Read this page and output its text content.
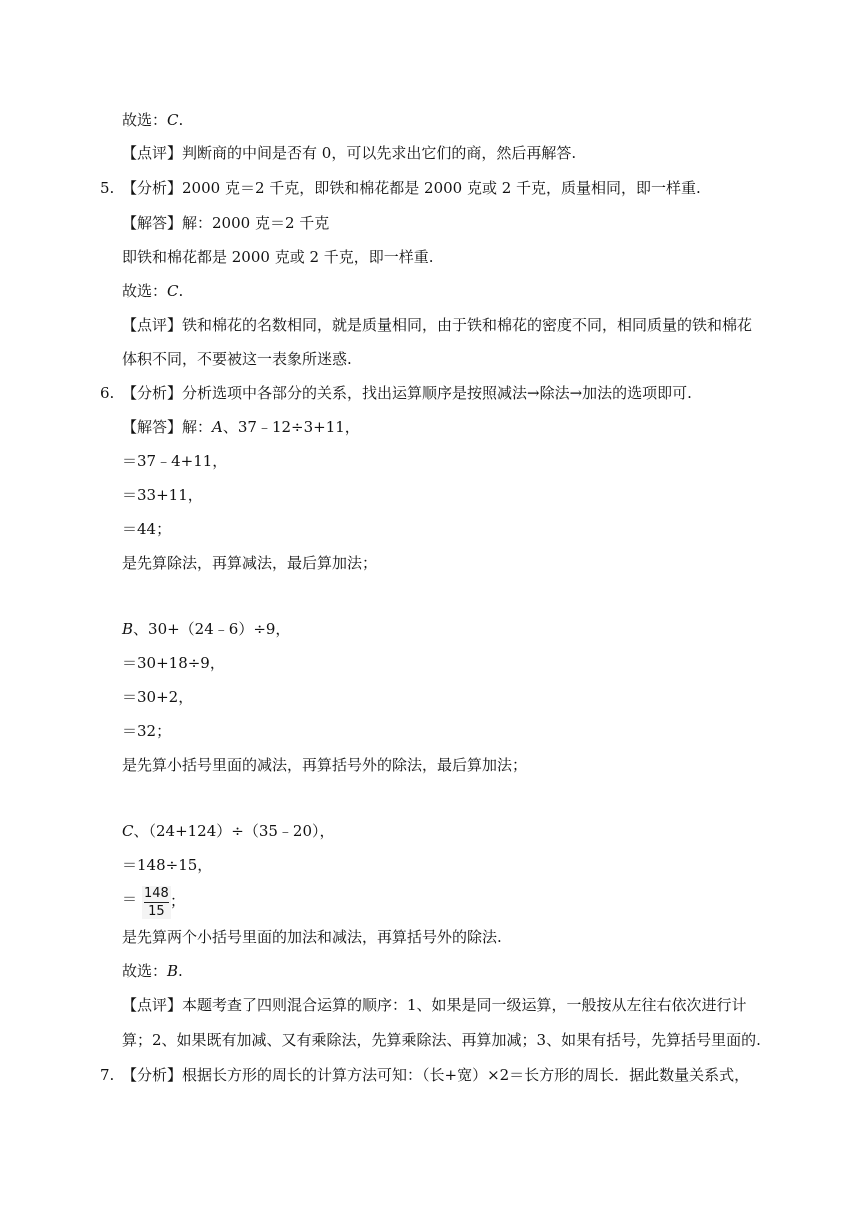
故选：C.
【点评】判断商的中间是否有 0，可以先求出它们的商，然后再解答.
5. 【分析】2000 克＝2 千克，即铁和棉花都是 2000 克或 2 千克，质量相同，即一样重.
【解答】解：2000 克＝2 千克
即铁和棉花都是 2000 克或 2 千克，即一样重.
故选：C.
【点评】铁和棉花的名数相同，就是质量相同，由于铁和棉花的密度不同，相同质量的铁和棉花
体积不同，不要被这一表象所迷惑.
6. 【分析】分析选项中各部分的关系，找出运算顺序是按照减法→除法→加法的选项即可.
【解答】解：A、37﹣12÷3+11，
＝37﹣4+11，
＝33+11，
＝44；
是先算除法，再算减法，最后算加法；
B、30+（24﹣6）÷9，
＝30+18÷9，
＝30+2，
＝32；
是先算小括号里面的减法，再算括号外的除法，最后算加法；
C、（24+124）÷（35﹣20），
＝148÷15，
＝ 148
15
；
是先算两个小括号里面的加法和减法，再算括号外的除法.
故选：B.
【点评】本题考查了四则混合运算的顺序：1、如果是同一级运算，一般按从左往右依次进行计
算；2、如果既有加减、又有乘除法，先算乘除法、再算加减；3、如果有括号，先算括号里面的.
7. 【分析】根据长方形的周长的计算方法可知：（长+宽）×2＝长方形的周长．据此数量关系式，
